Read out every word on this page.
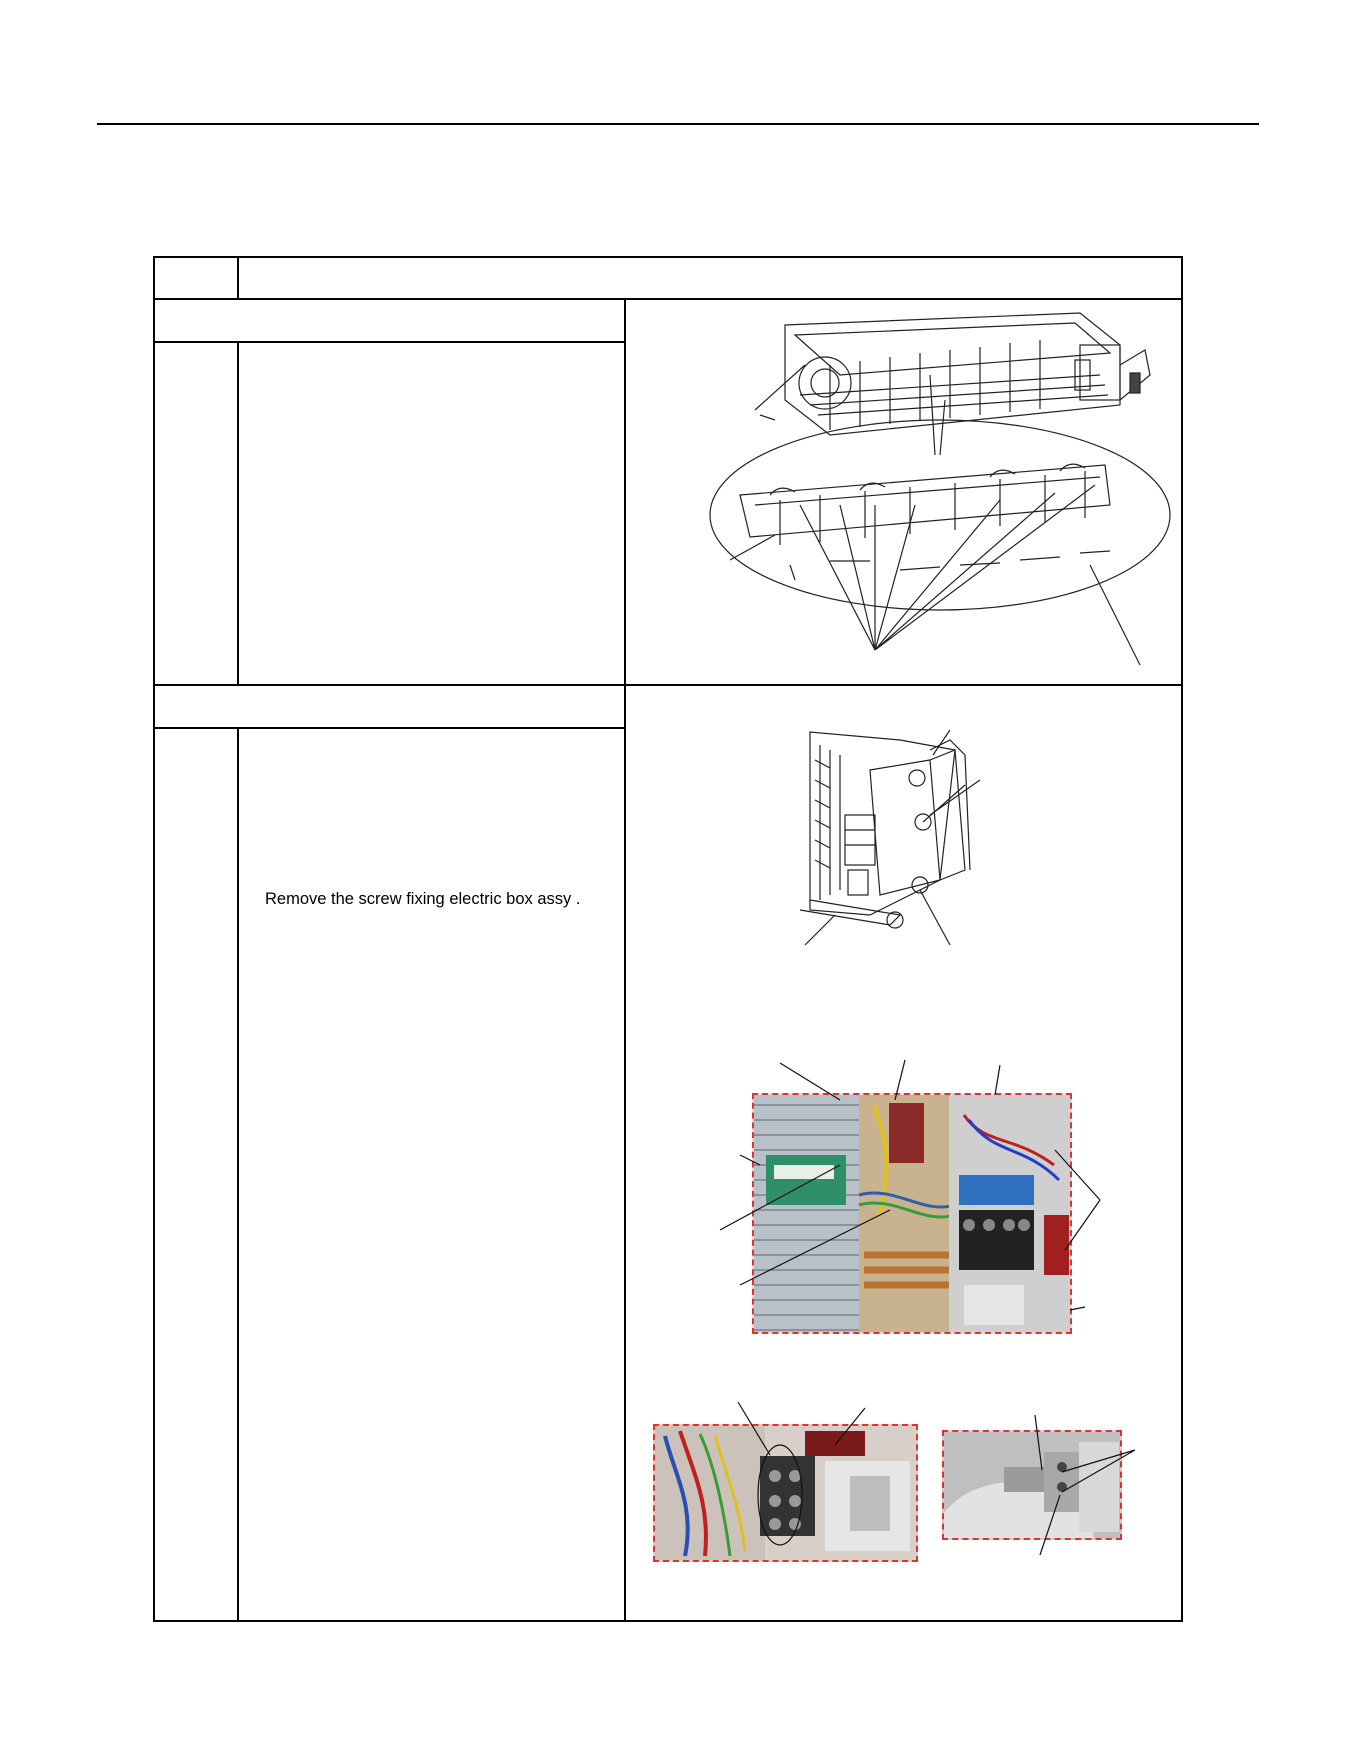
Remove the screw fixing electric box assy .
